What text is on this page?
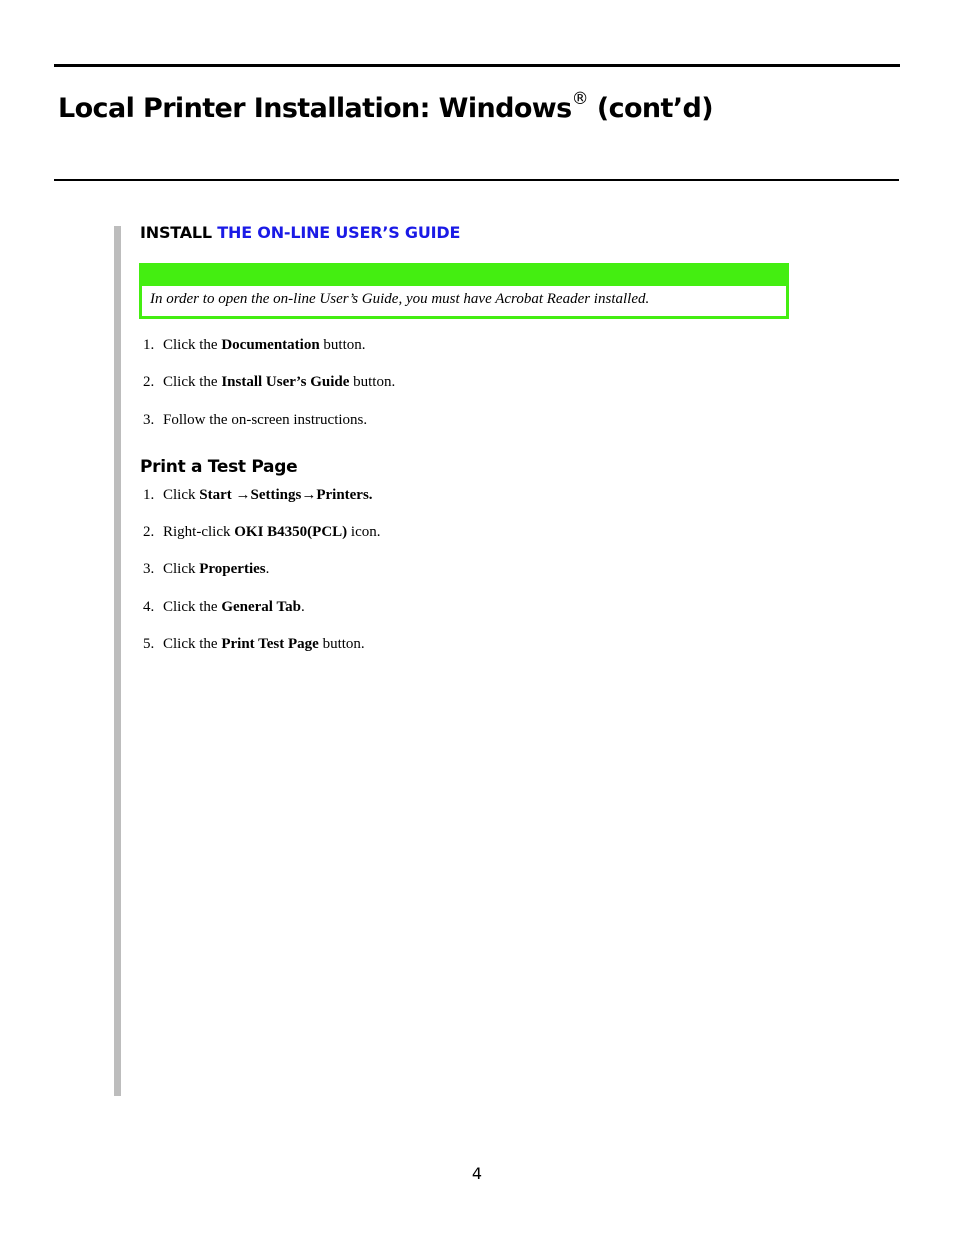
Local Printer Installation: Windows® (cont’d)
INSTALL THE ON-LINE USER’S GUIDE
In order to open the on-line User’s Guide, you must have Acrobat Reader installed.
1. Click the Documentation button.
2. Click the Install User’s Guide button.
3. Follow the on-screen instructions.
Print a Test Page
1. Click Start →Settings→Printers.
2. Right-click OKI B4350(PCL) icon.
3. Click Properties.
4. Click the General Tab.
5. Click the Print Test Page button.
4
